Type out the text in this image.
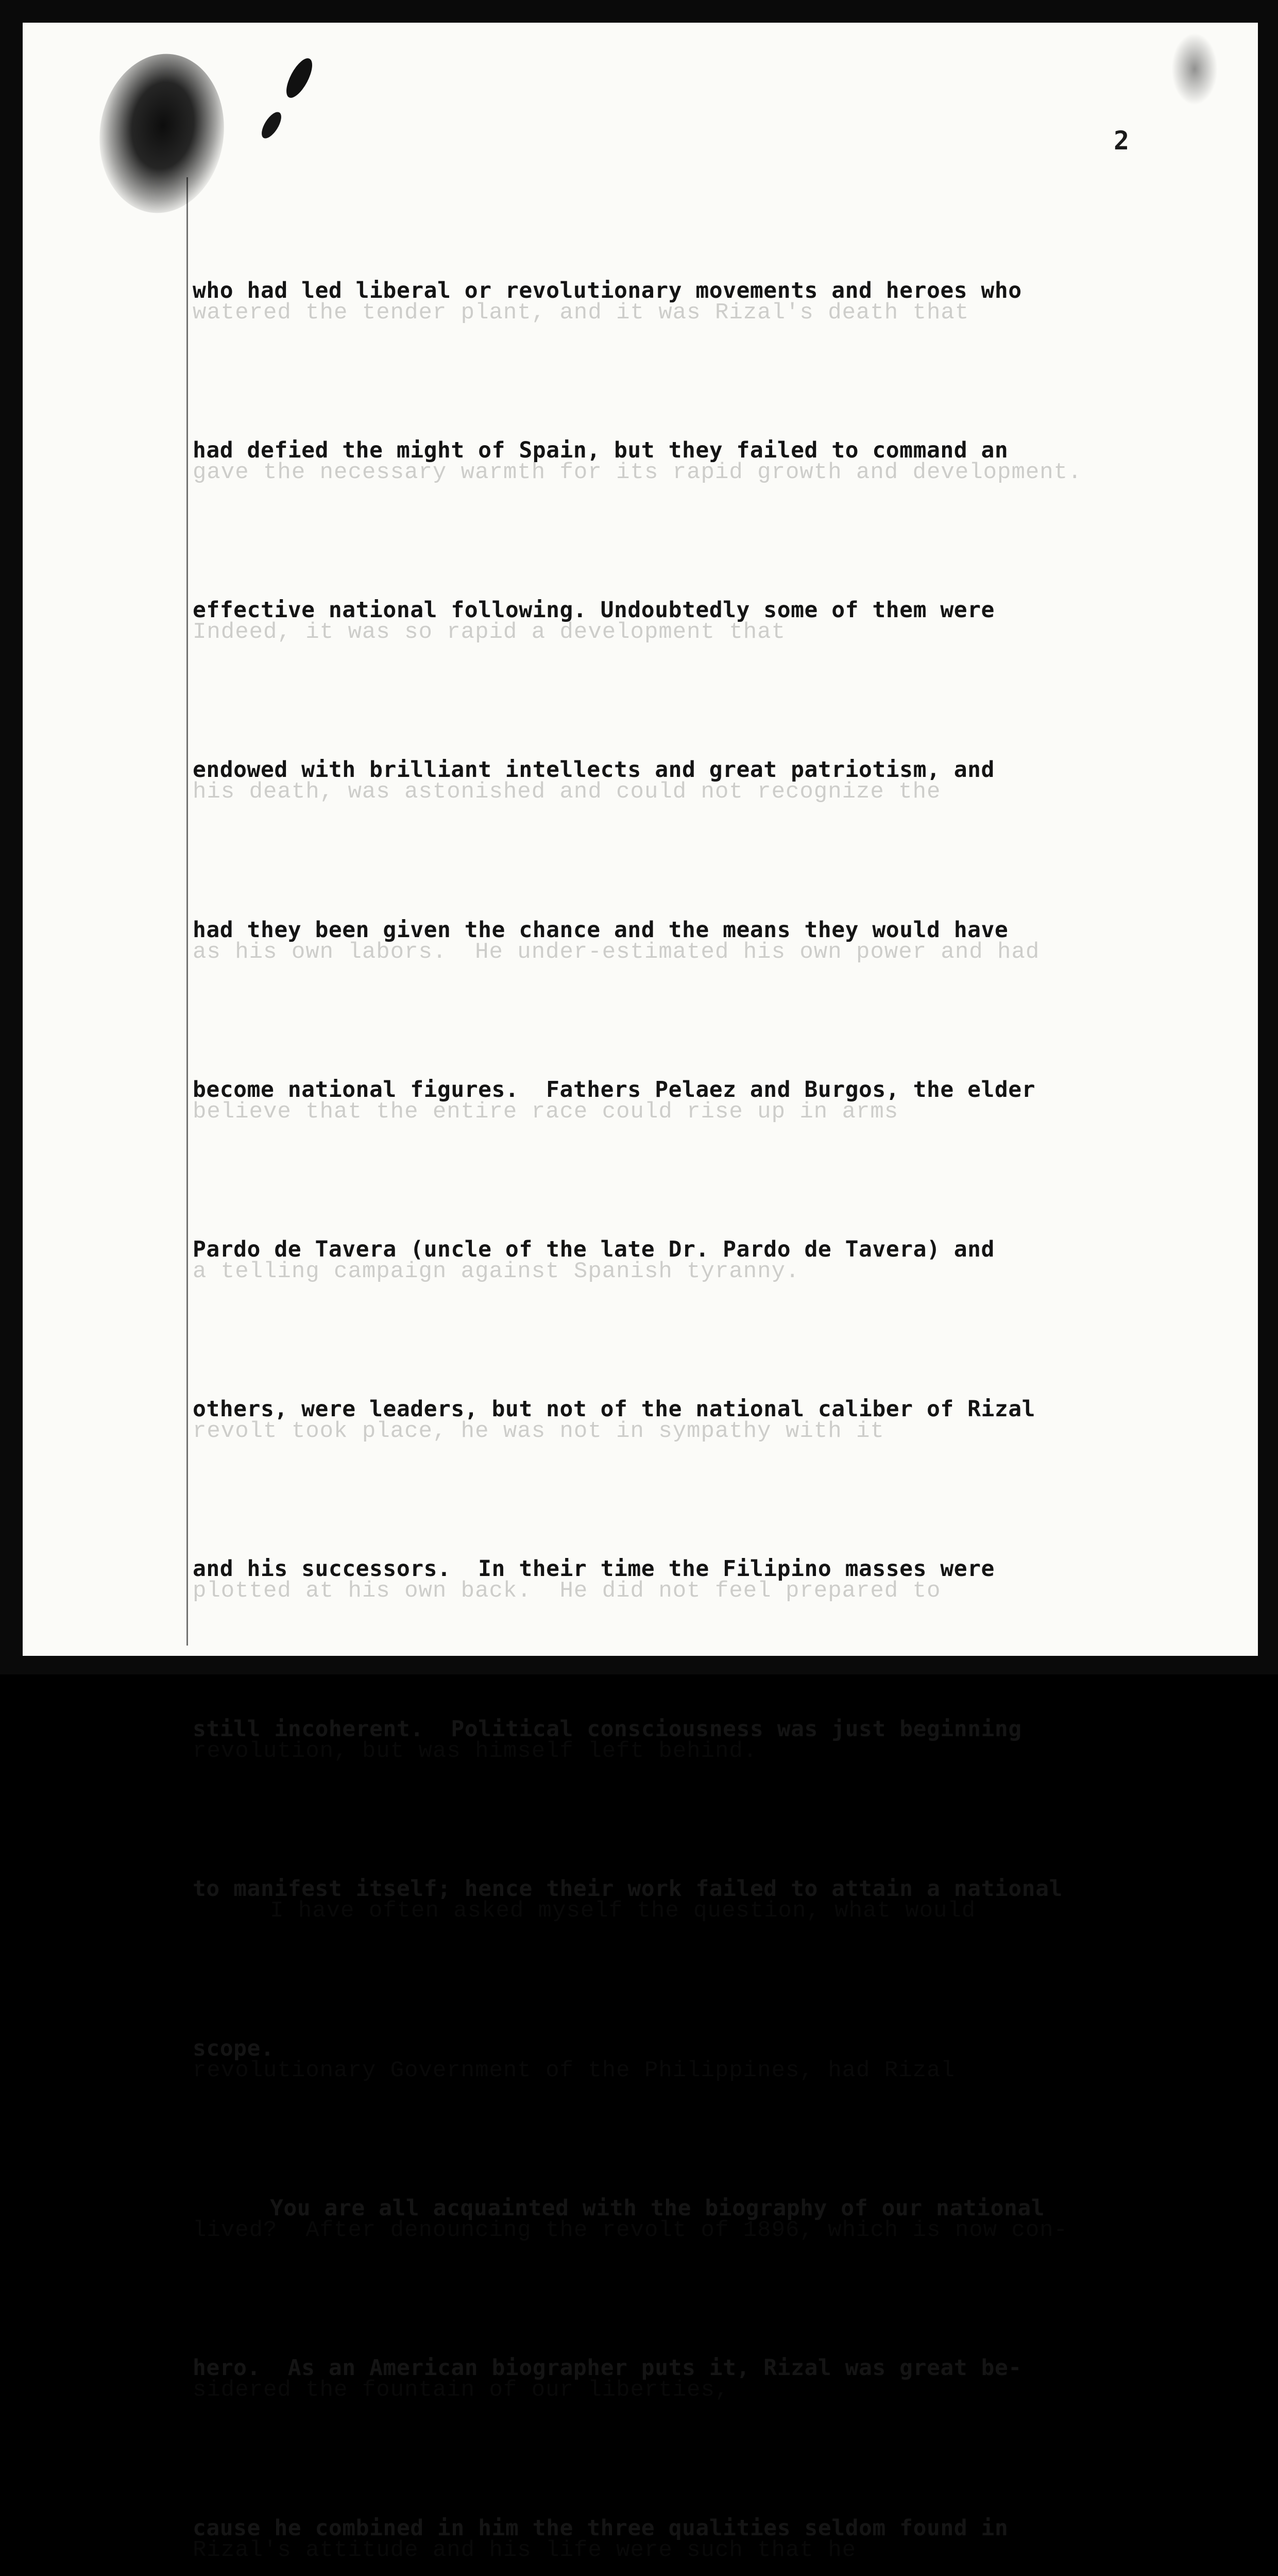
2

watered the tender plant, and it was Rizal's death that

gave the necessary warmth for its rapid growth and development.

Indeed, it was so rapid a development that

his death, was astonished and could not recognize the

as his own labors.  He under-estimated his own power and had

believe that the entire race could rise up in arms

a telling campaign against Spanish tyranny.

revolt took place, he was not in sympathy with it

plotted at his own back.  He did not feel prepared to

revolution, but was himself left behind.

I have often asked myself the question, what would

revolutionary Government of the Philippines, had Rizal

lived?  After denouncing the revolt of 1896, which is now con-

sidered the fountain of our liberties,

Rizal's attitude and his life were such that he

who had led liberal or revolutionary movements and heroes who

had defied the might of Spain, but they failed to command an

effective national following. Undoubtedly some of them were

endowed with brilliant intellects and great patriotism, and

had they been given the chance and the means they would have

become national figures.  Fathers Pelaez and Burgos, the elder

Pardo de Tavera (uncle of the late Dr. Pardo de Tavera) and

others, were leaders, but not of the national caliber of Rizal

and his successors.  In their time the Filipino masses were

still incoherent.  Political consciousness was just beginning

to manifest itself; hence their work failed to attain a national

scope.

You are all acquainted with the biography of our national

hero.  As an American biographer puts it, Rizal was great be-

cause he combined in him the three qualities seldom found in
